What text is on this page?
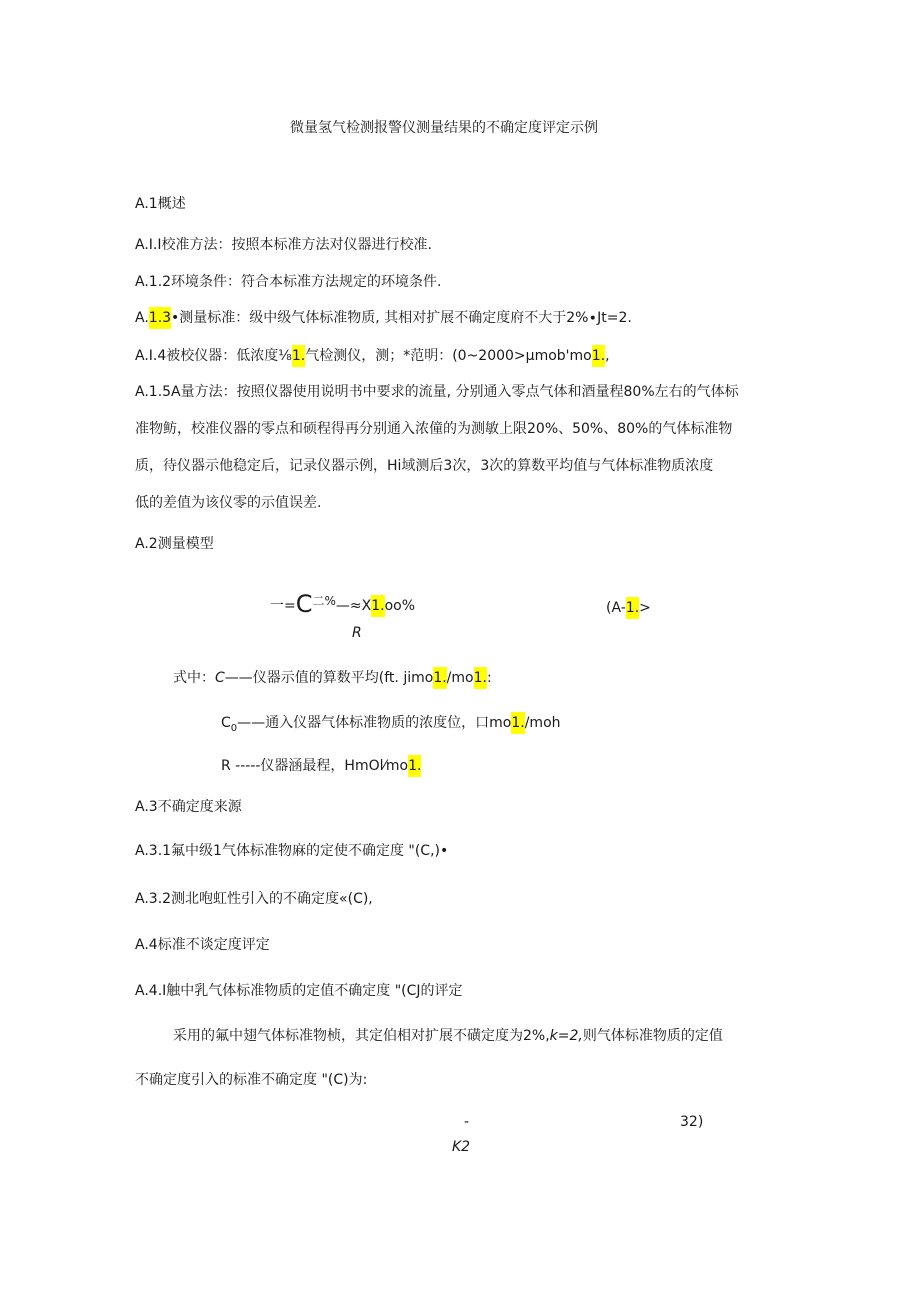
微量氢气检测报警仪测量结果的不确定度评定示例
A.1概述
A.I.I校准方法：按照本标准方法对仪器进行校准.
A.1.2环境条件：符合本标准方法规定的环境条件.
A.1.3•测量标准：级中级气体标准物质, 其相对扩展不确定度府不大于2%∙Jt=2.
A.I.4被校仪器：低浓度⅛1.气检测仪，测；*范明：(0~2000>μmob'mo1.,
A.1.5A量方法：按照仪器使用说明书中要求的流量, 分别通入零点气体和酒量程80%左右的气体标
准物鲂，校准仪器的零点和硕程得再分别通入浓僮的为测敏上限20%、50%、80%的气体标准物
质，待仪器示他稳定后，记录仪器示例，Hi域测后3次，3次的算数平均值与气体标准物质浓度
低的差值为该仪零的示值误差.
A.2测量模型
一=C二%—≈X1.oo%
R
(A-1.>
式中：C——仪器示值的算数平均(ft. jimo1./mo1.:
$C_0——$通入仪器气体标准物质的浓度位，口mo1./moh
R -----仪器涵最程，HmOl⁄mo1.
A.3不确定度来源
A.3.1氟中级1气体标准物麻的定使不确定度 "(C,)•
A.3.2测北咆虹性引入的不确定度«(C),
A.4标准不谈定度评定
A.4.I触中乳气体标准物质的定值不确定度 "(CJ的评定
采用的氟中翅气体标准物桢，其定伯相对扩展不磺定度为2%,k=2,则气体标准物质的定值
不确定度引入的标准不确定度 "(C)为:
-	32)
K2
